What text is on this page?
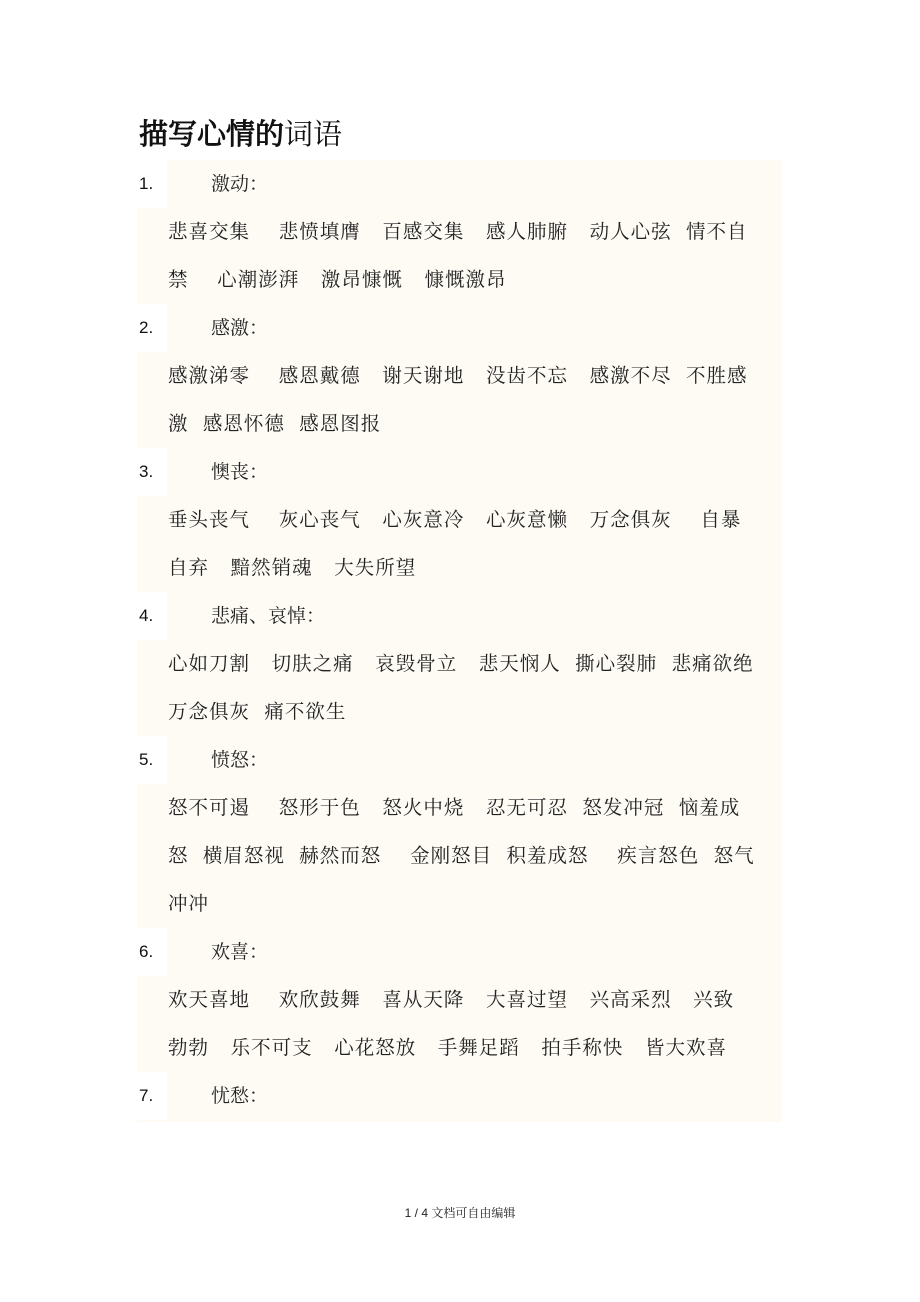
描写心情的词语
1.	激动：
悲喜交集    悲愤填膺   百感交集   感人肺腑   动人心弦  情不自
禁    心潮澎湃   激昂慷慨   慷慨激昂
2.	感激：
感激涕零    感恩戴德   谢天谢地   没齿不忘   感激不尽  不胜感
激  感恩怀德  感恩图报
3.	懊丧：
垂头丧气    灰心丧气   心灰意冷   心灰意懒   万念俱灰    自暴
自弃   黯然销魂   大失所望
4.	悲痛、哀悼：
心如刀割   切肤之痛   哀毁骨立   悲天悯人  撕心裂肺  悲痛欲绝
万念俱灰  痛不欲生
5.	愤怒：
怒不可遏    怒形于色   怒火中烧   忍无可忍  怒发冲冠  恼羞成
怒  横眉怒视  赫然而怒    金刚怒目  积羞成怒    疾言怒色  怒气
冲冲
6.	欢喜：
欢天喜地    欢欣鼓舞   喜从天降   大喜过望   兴高采烈   兴致
勃勃   乐不可支   心花怒放   手舞足蹈   拍手称快   皆大欢喜
7.	忧愁：
1 / 4 文档可自由编辑
